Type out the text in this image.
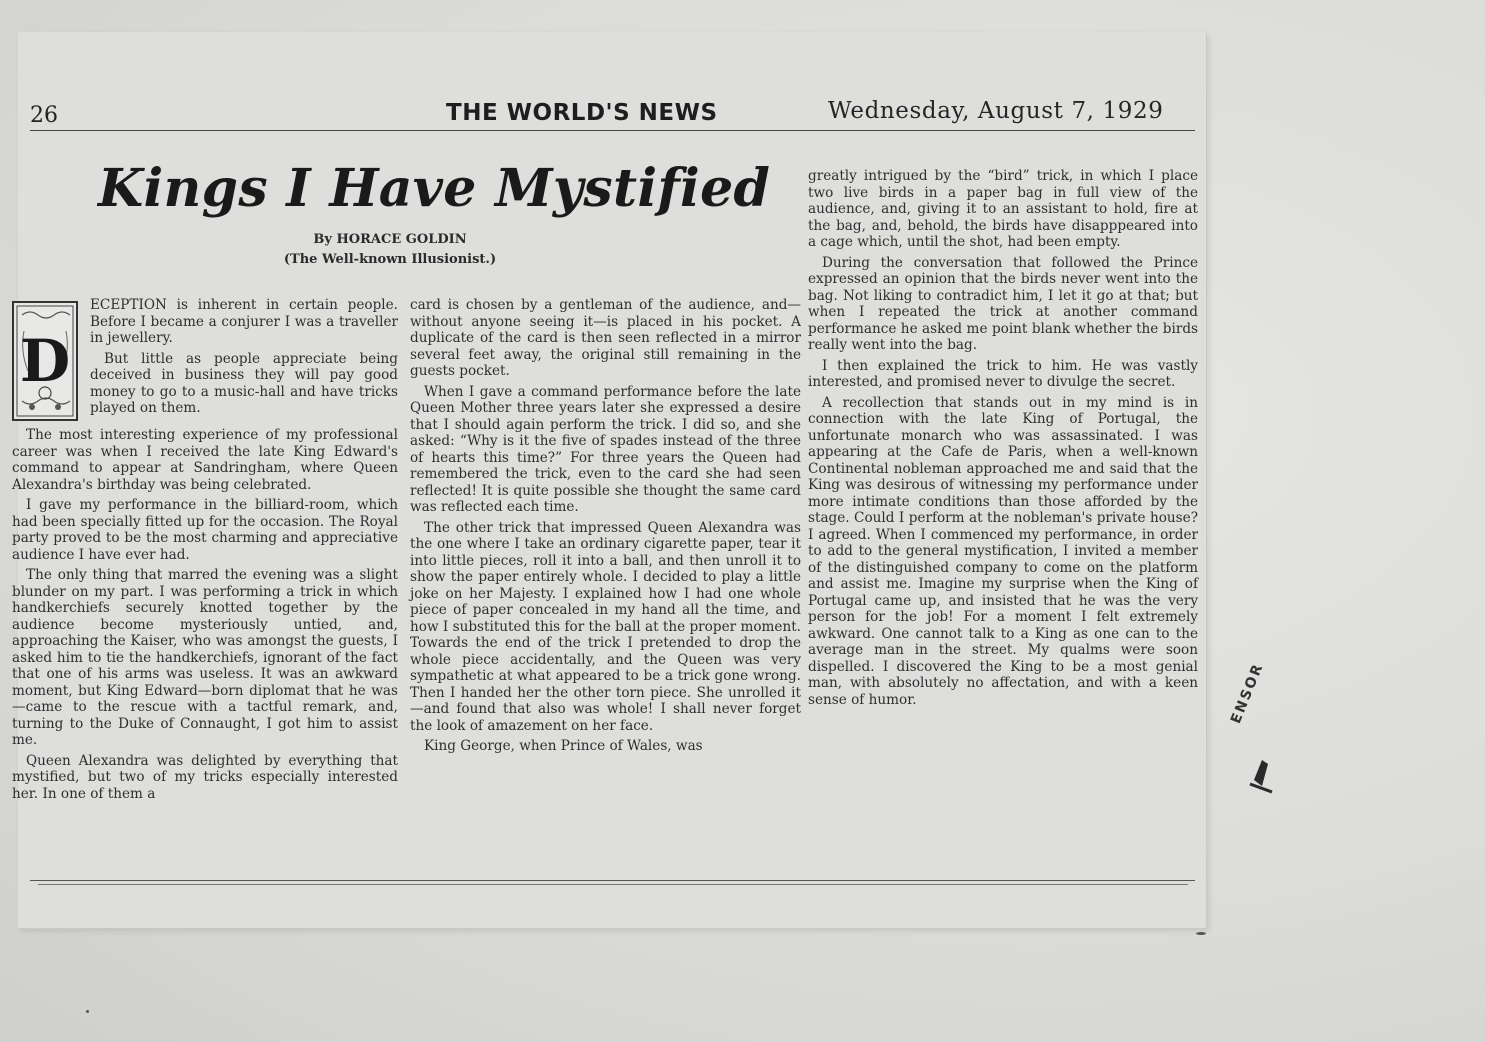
26	THE WORLD'S NEWS	Wednesday, August 7, 1929
Kings I Have Mystified
By HORACE GOLDIN
(The Well-known Illusionist.)
D

ECEPTION is inherent in certain people. Before I became a conjurer I was a traveller in jewellery.

But little as people appreciate being deceived in business they will pay good money to go to a music-hall and have tricks played on them.

The most interesting experience of my professional career was when I received the late King Edward's command to appear at Sandringham, where Queen Alexandra's birthday was being celebrated.

I gave my performance in the billiard-room, which had been specially fitted up for the occasion. The Royal party proved to be the most charming and appreciative audience I have ever had.

The only thing that marred the evening was a slight blunder on my part. I was performing a trick in which handkerchiefs securely knotted together by the audience become mysteriously untied, and, approaching the Kaiser, who was amongst the guests, I asked him to tie the handkerchiefs, ignorant of the fact that one of his arms was useless. It was an awkward moment, but King Edward—born diplomat that he was—came to the rescue with a tactful remark, and, turning to the Duke of Connaught, I got him to assist me.

Queen Alexandra was delighted by everything that mystified, but two of my tricks especially interested her. In one of them a

card is chosen by a gentleman of the audience, and—without anyone seeing it—is placed in his pocket. A duplicate of the card is then seen reflected in a mirror several feet away, the original still remaining in the guests pocket.

When I gave a command performance before the late Queen Mother three years later she expressed a desire that I should again perform the trick. I did so, and she asked: “Why is it the five of spades instead of the three of hearts this time?” For three years the Queen had remembered the trick, even to the card she had seen reflected! It is quite possible she thought the same card was reflected each time.

The other trick that impressed Queen Alexandra was the one where I take an ordinary cigarette paper, tear it into little pieces, roll it into a ball, and then unroll it to show the paper entirely whole. I decided to play a little joke on her Majesty. I explained how I had one whole piece of paper concealed in my hand all the time, and how I substituted this for the ball at the proper moment. Towards the end of the trick I pretended to drop the whole piece accidentally, and the Queen was very sympathetic at what appeared to be a trick gone wrong. Then I handed her the other torn piece. She unrolled it—and found that also was whole! I shall never forget the look of amazement on her face.

King George, when Prince of Wales, was

greatly intrigued by the “bird” trick, in which I place two live birds in a paper bag in full view of the audience, and, giving it to an assistant to hold, fire at the bag, and, behold, the birds have disapppeared into a cage which, until the shot, had been empty.

During the conversation that followed the Prince expressed an opinion that the birds never went into the bag. Not liking to contradict him, I let it go at that; but when I repeated the trick at another command performance he asked me point blank whether the birds really went into the bag.

I then explained the trick to him. He was vastly interested, and promised never to divulge the secret.

A recollection that stands out in my mind is in connection with the late King of Portugal, the unfortunate monarch who was assassinated. I was appearing at the Cafe de Paris, when a well-known Continental nobleman approached me and said that the King was desirous of witnessing my performance under more intimate conditions than those afforded by the stage. Could I perform at the nobleman's private house? I agreed. When I commenced my performance, in order to add to the general mystification, I invited a member of the distinguished company to come on the platform and assist me. Imagine my surprise when the King of Portugal came up, and insisted that he was the very person for the job! For a moment I felt extremely awkward. One cannot talk to a King as one can to the average man in the street. My qualms were soon dispelled. I discovered the King to be a most genial man, with absolutely no affectation, and with a keen sense of humor.	ENSOR
